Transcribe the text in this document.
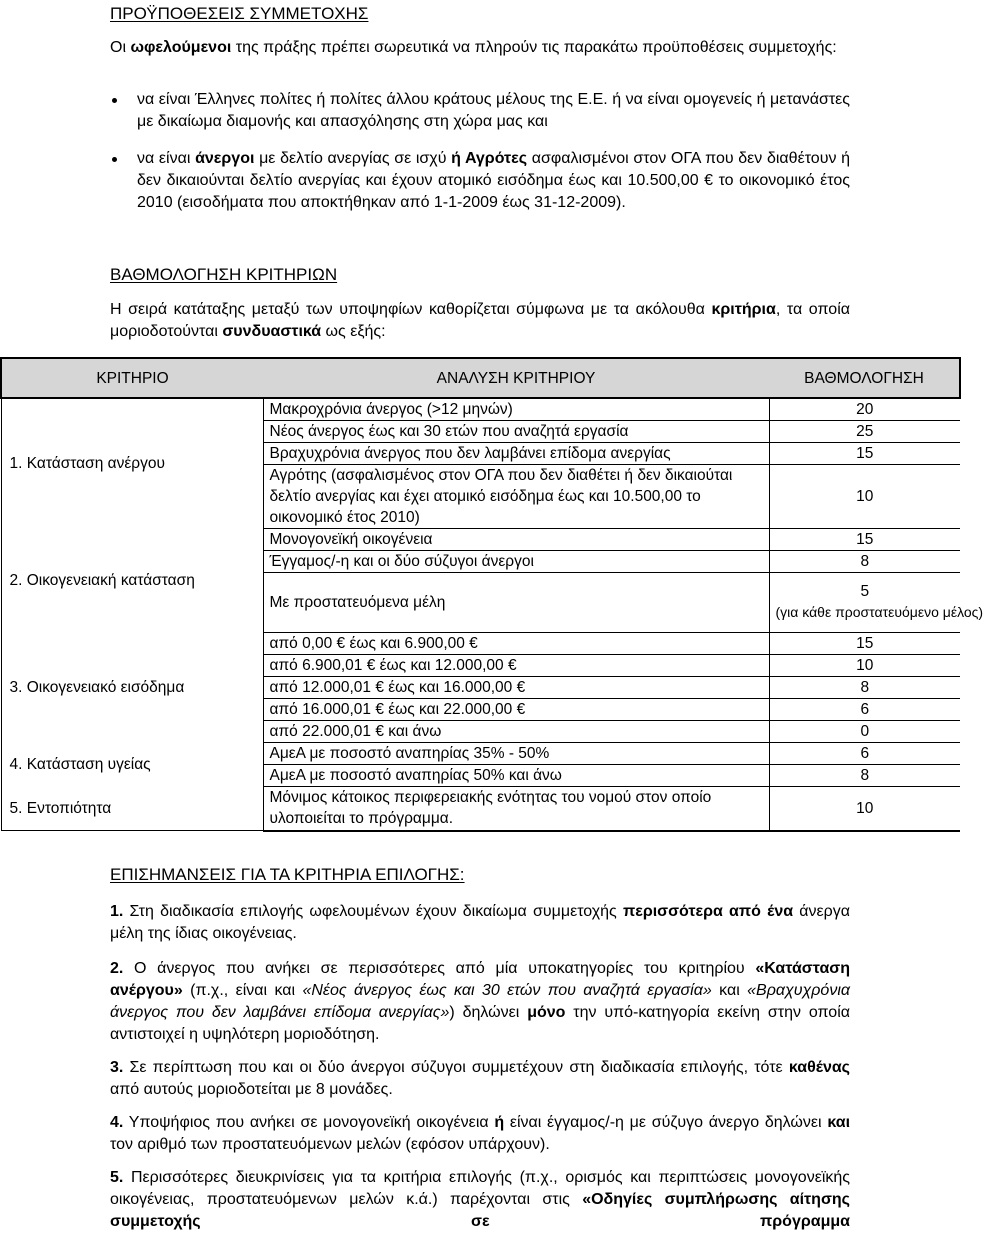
ΠΡΟΫΠΟΘΕΣΕΙΣ ΣΥΜΜΕΤΟΧΗΣ

Οι ωφελούμενοι της πράξης πρέπει σωρευτικά να πληρούν τις παρακάτω προϋποθέσεις συμμετοχής:

να είναι Έλληνες πολίτες ή πολίτες άλλου κράτους μέλους της Ε.Ε. ή να είναι ομογενείς ή μετανάστες με δικαίωμα διαμονής και απασχόλησης στη χώρα μας και
να είναι άνεργοι με δελτίο ανεργίας σε ισχύ ή Αγρότες ασφαλισμένοι στον ΟΓΑ που δεν διαθέτουν ή δεν δικαιούνται δελτίο ανεργίας και έχουν ατομικό εισόδημα έως και 10.500,00 € το οικονομικό έτος 2010 (εισοδήματα που αποκτήθηκαν από 1-1-2009 έως 31-12-2009).
ΒΑΘΜΟΛΟΓΗΣΗ ΚΡΙΤΗΡΙΩΝ

Η σειρά κατάταξης μεταξύ των υποψηφίων καθορίζεται σύμφωνα με τα ακόλουθα κριτήρια, τα οποία μοριοδοτούνται συνδυαστικά ως εξής:

ΚΡΙΤΗΡΙΟ	ΑΝΑΛΥΣΗ ΚΡΙΤΗΡΙΟΥ	ΒΑΘΜΟΛΟΓΗΣΗ
1. Κατάσταση ανέργου	Μακροχρόνια άνεργος (>12 μηνών)	20
	Νέος άνεργος έως και 30 ετών που αναζητά εργασία	25
	Βραχυχρόνια άνεργος που δεν λαμβάνει επίδομα ανεργίας	15
	Αγρότης (ασφαλισμένος στον ΟΓΑ που δεν διαθέτει ή δεν δικαιούται δελτίο ανεργίας και έχει ατομικό εισόδημα έως και 10.500,00 το οικονομικό έτος 2010)	10
2. Οικογενειακή κατάσταση	Μονογονεϊκή οικογένεια	15
	Έγγαμος/-η και οι δύο σύζυγοι άνεργοι	8
	Με προστατευόμενα μέλη	5
(για κάθε προστατευόμενο μέλος)
3. Οικογενειακό εισόδημα	από 0,00 € έως και 6.900,00 €	15
	από 6.900,01 € έως και 12.000,00 €	10
	από 12.000,01 € έως και 16.000,00 €	8
	από 16.000,01 € έως και 22.000,00 €	6
	από 22.000,01 € και άνω	0
4. Κατάσταση υγείας	ΑμεΑ με ποσοστό αναπηρίας 35% - 50%	6
	ΑμεΑ με ποσοστό αναπηρίας 50% και άνω	8
5. Εντοπιότητα	Μόνιμος κάτοικος περιφερειακής ενότητας του νομού στον οποίο υλοποιείται το πρόγραμμα.	10
ΕΠΙΣΗΜΑΝΣΕΙΣ ΓΙΑ ΤΑ ΚΡΙΤΗΡΙΑ ΕΠΙΛΟΓΗΣ:

1. Στη διαδικασία επιλογής ωφελουμένων έχουν δικαίωμα συμμετοχής περισσότερα από ένα άνεργα μέλη της ίδιας οικογένειας.

2. Ο άνεργος που ανήκει σε περισσότερες από μία υποκατηγορίες του κριτηρίου «Κατάσταση ανέργου» (π.χ., είναι και «Νέος άνεργος έως και 30 ετών που αναζητά εργασία» και «Βραχυχρόνια άνεργος που δεν λαμβάνει επίδομα ανεργίας») δηλώνει μόνο την υπό-κατηγορία εκείνη στην οποία αντιστοιχεί η υψηλότερη μοριοδότηση.

3. Σε περίπτωση που και οι δύο άνεργοι σύζυγοι συμμετέχουν στη διαδικασία επιλογής, τότε καθένας από αυτούς μοριοδοτείται με 8 μονάδες.

4. Υποψήφιος που ανήκει σε μονογονεϊκή οικογένεια ή είναι έγγαμος/-η με σύζυγο άνεργο δηλώνει και τον αριθμό των προστατευόμενων μελών (εφόσον υπάρχουν).

5. Περισσότερες διευκρινίσεις για τα κριτήρια επιλογής (π.χ., ορισμός και περιπτώσεις μονογονεϊκής οικογένειας, προστατευόμενων μελών κ.ά.) παρέχονται στις «Οδηγίες συμπλήρωσης αίτησης συμμετοχής σε πρόγραμμα
